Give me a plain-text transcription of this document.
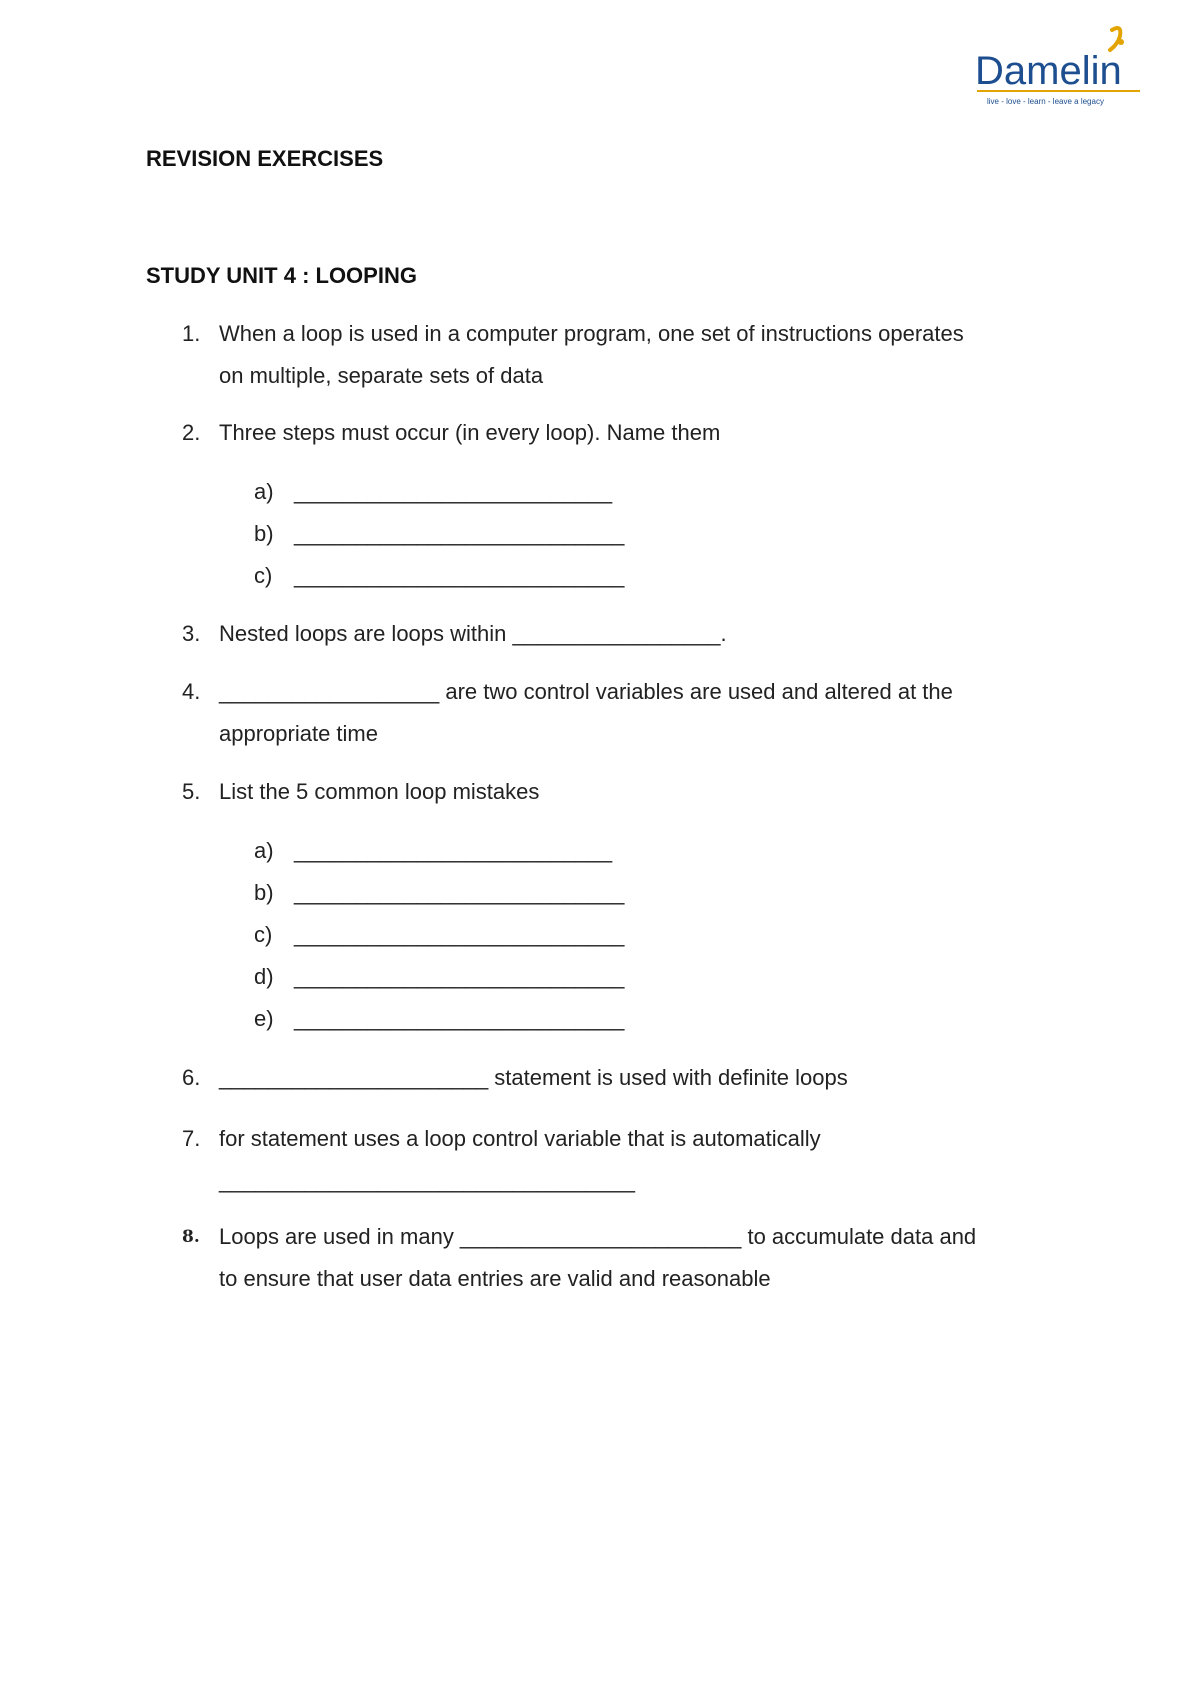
Damelin
live - love - learn - leave a legacy
REVISION EXERCISES
STUDY UNIT 4 : LOOPING
1. When a loop is used in a computer program, one set of instructions operates
on multiple, separate sets of data
2. Three steps must occur (in every loop). Name them
a) __________________________
b) ___________________________
c) ___________________________
3. Nested loops are loops within _________________.
4. __________________ are two control variables are used and altered at the
appropriate time
5. List the 5 common loop mistakes
a) __________________________
b) ___________________________
c) ___________________________
d) ___________________________
e) ___________________________
6. ______________________ statement is used with definite loops
7. for statement uses a loop control variable that is automatically
__________________________________
8. Loops are used in many _______________________ to accumulate data and
to ensure that user data entries are valid and reasonable
